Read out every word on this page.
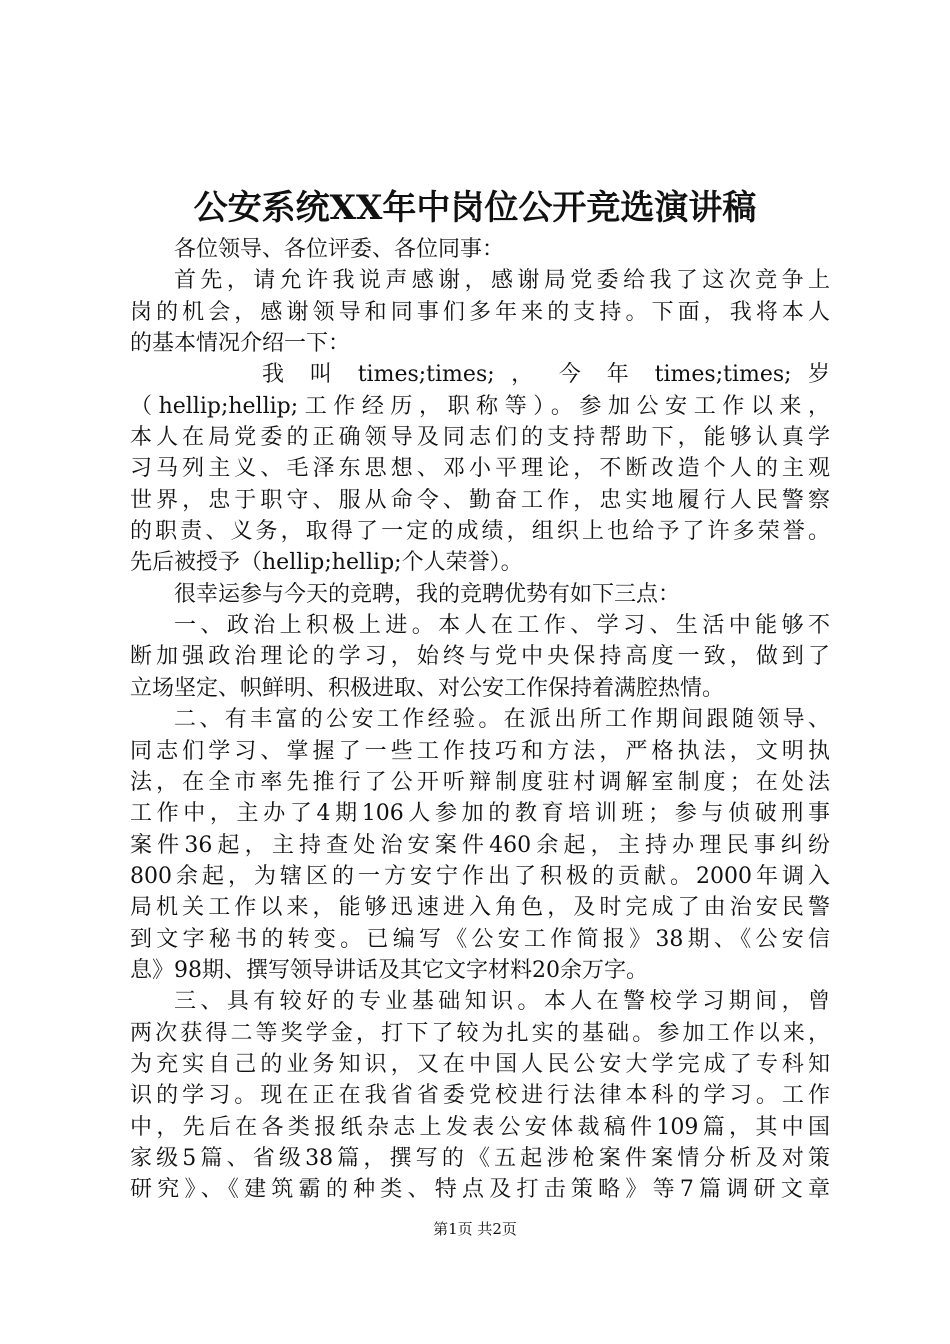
公安系统XX年中岗位公开竞选演讲稿
各位领导、各位评委、各位同事：
首先，请允许我说声感谢，感谢局党委给我了这次竞争上
岗的机会，感谢领导和同事们多年来的支持。下面，我将本人
的基本情况介绍一下：
我 叫 times;times; ， 今 年 times;times; 岁
（hellip;hellip;工作经历，职称等）。参加公安工作以来，
本人在局党委的正确领导及同志们的支持帮助下，能够认真学
习马列主义、毛泽东思想、邓小平理论，不断改造个人的主观
世界，忠于职守、服从命令、勤奋工作，忠实地履行人民警察
的职责、义务，取得了一定的成绩，组织上也给予了许多荣誉。
先后被授予（hellip;hellip;个人荣誉）。
很幸运参与今天的竞聘，我的竞聘优势有如下三点：
一、政治上积极上进。本人在工作、学习、生活中能够不
断加强政治理论的学习，始终与党中央保持高度一致，做到了
立场坚定、帜鲜明、积极进取、对公安工作保持着满腔热情。
二、有丰富的公安工作经验。在派出所工作期间跟随领导、
同志们学习、掌握了一些工作技巧和方法，严格执法，文明执
法，在全市率先推行了公开听辩制度驻村调解室制度；在处法
工作中，主办了4期106人参加的教育培训班；参与侦破刑事
案件36起，主持查处治安案件460余起，主持办理民事纠纷
800余起，为辖区的一方安宁作出了积极的贡献。2000年调入
局机关工作以来，能够迅速进入角色，及时完成了由治安民警
到文字秘书的转变。已编写《公安工作简报》38期、《公安信
息》98期、撰写领导讲话及其它文字材料20余万字。
三、具有较好的专业基础知识。本人在警校学习期间，曾
两次获得二等奖学金，打下了较为扎实的基础。参加工作以来，
为充实自己的业务知识，又在中国人民公安大学完成了专科知
识的学习。现在正在我省省委党校进行法律本科的学习。工作
中，先后在各类报纸杂志上发表公安体裁稿件109篇，其中国
家级5篇、省级38篇，撰写的《五起涉枪案件案情分析及对策
研究》、《建筑霸的种类、特点及打击策略》等7篇调研文章
第1页 共2页
